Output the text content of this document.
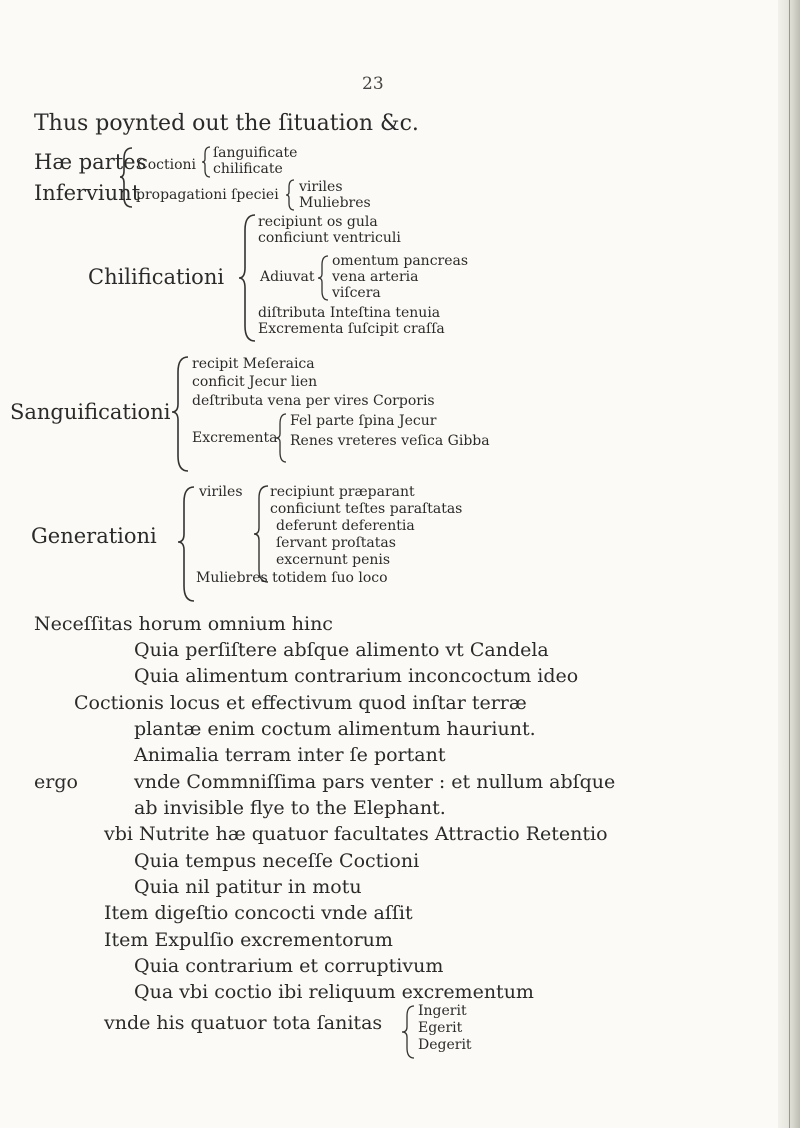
23
Thus poynted out the ſituation &c.
Hæ partes
Inferviunt
Coctioni
ſanguificate
chilificate
propagationi ſpeciei viriles
Muliebres
Chilificationi
recipiunt os gula
conficiunt ventriculi
Adiuvat
omentum pancreas
vena arteria
viſcera
diſtributa Inteſtina tenuia
Excrementa ſuſcipit craſſa
Sanguificationi
recipit Meſeraica
conficit Jecur lien
deſtributa vena per vires Corporis
Excrementa
Fel parte ſpina Jecur
Renes vreteres veſica Gibba
Generationi
viriles recipiunt præparant
conficiunt teſtes paraſtatas
deferunt deferentia
ſervant proſtatas
excernunt penis
Muliebres totidem ſuo loco
Neceſſitas horum omnium hinc
Quia perſiſtere abſque alimento vt Candela
Quia alimentum contrarium inconcoctum ideo
Coctionis locus et effectivum quod inſtar terræ
plantæ enim coctum alimentum hauriunt.
Animalia terram inter ſe portant
ergo	vnde Commniſſima pars venter : et nullum abſque
ab invisible flye to the Elephant.
vbi Nutrite hæ quatuor facultates Attractio Retentio
Quia tempus neceſſe Coctioni
Quia nil patitur in motu
Item digeſtio concocti vnde aſſit
Item Expulſio excrementorum
Quia contrarium et corruptivum
Qua vbi coctio ibi reliquum excrementum
vnde his quatuor tota ſanitas
Ingerit
Egerit
Degerit
